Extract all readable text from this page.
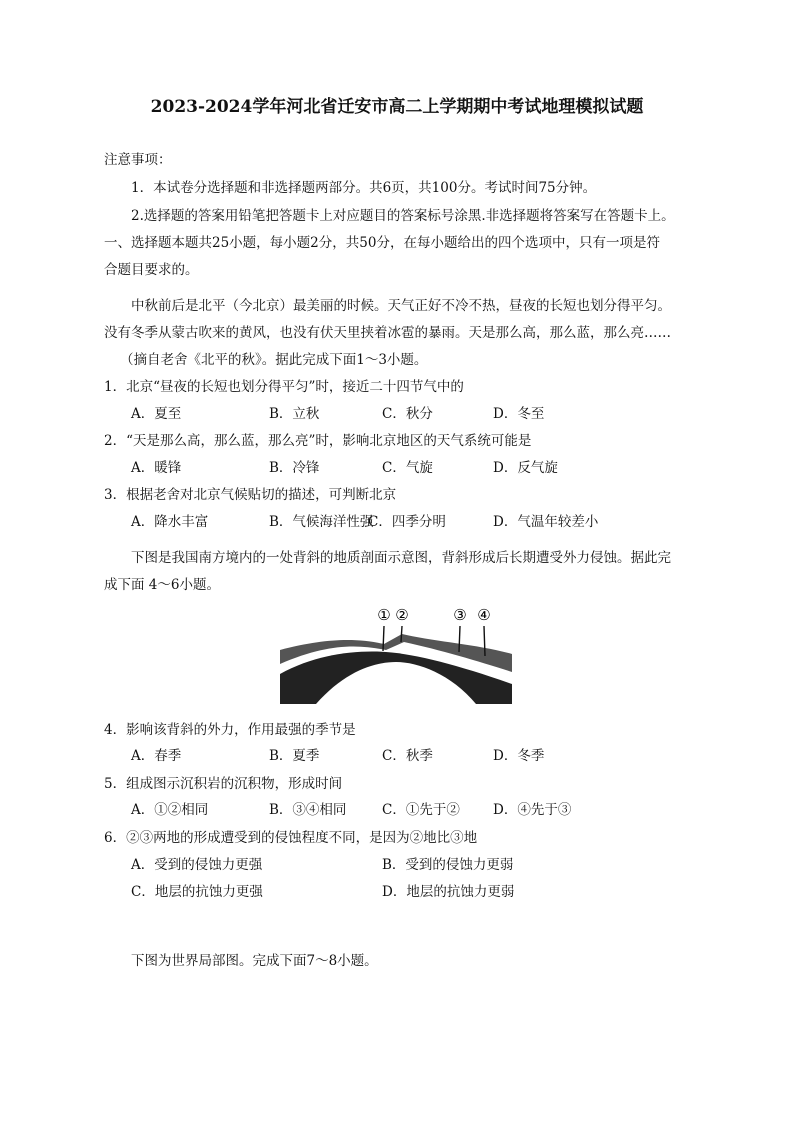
2023-2024学年河北省迁安市高二上学期期中考试地理模拟试题
注意事项：
1．本试卷分选择题和非选择题两部分。共6页，共100分。考试时间75分钟。
2.选择题的答案用铅笔把答题卡上对应题目的答案标号涂黑.非选择题将答案写在答题卡上。
一、选择题本题共25小题，每小题2分，共50分，在每小题给出的四个选项中，只有一项是符
合题目要求的。
中秋前后是北平（今北京）最美丽的时候。天气正好不冷不热，昼夜的长短也划分得平匀。
没有冬季从蒙古吹来的黄风，也没有伏天里挟着冰雹的暴雨。天是那么高，那么蓝，那么亮……
（摘自老舍《北平的秋》。据此完成下面1～3小题。
1．北京“昼夜的长短也划分得平匀”时，接近二十四节气中的
A．夏至	B．立秋	C．秋分	D．冬至
2．“天是那么高，那么蓝，那么亮”时，影响北京地区的天气系统可能是
A．暖锋	B．冷锋	C．气旋	D．反气旋
3．根据老舍对北京气候贴切的描述，可判断北京
A．降水丰富	B．气候海洋性强
C．四季分明	D．气温年较差小
下图是我国南方境内的一处背斜的地质剖面示意图，背斜形成后长期遭受外力侵蚀。据此完
成下面 4～6小题。
① ②	③ ④
4．影响该背斜的外力，作用最强的季节是
A．春季	B．夏季	C．秋季	D．冬季
5．组成图示沉积岩的沉积物，形成时间
A．①②相同	B．③④相同	C．①先于② D．④先于③
6．②③两地的形成遭受到的侵蚀程度不同，是因为②地比③地
A．受到的侵蚀力更强	B．受到的侵蚀力更弱
C．地层的抗蚀力更强	D．地层的抗蚀力更弱
下图为世界局部图。完成下面7～8小题。
